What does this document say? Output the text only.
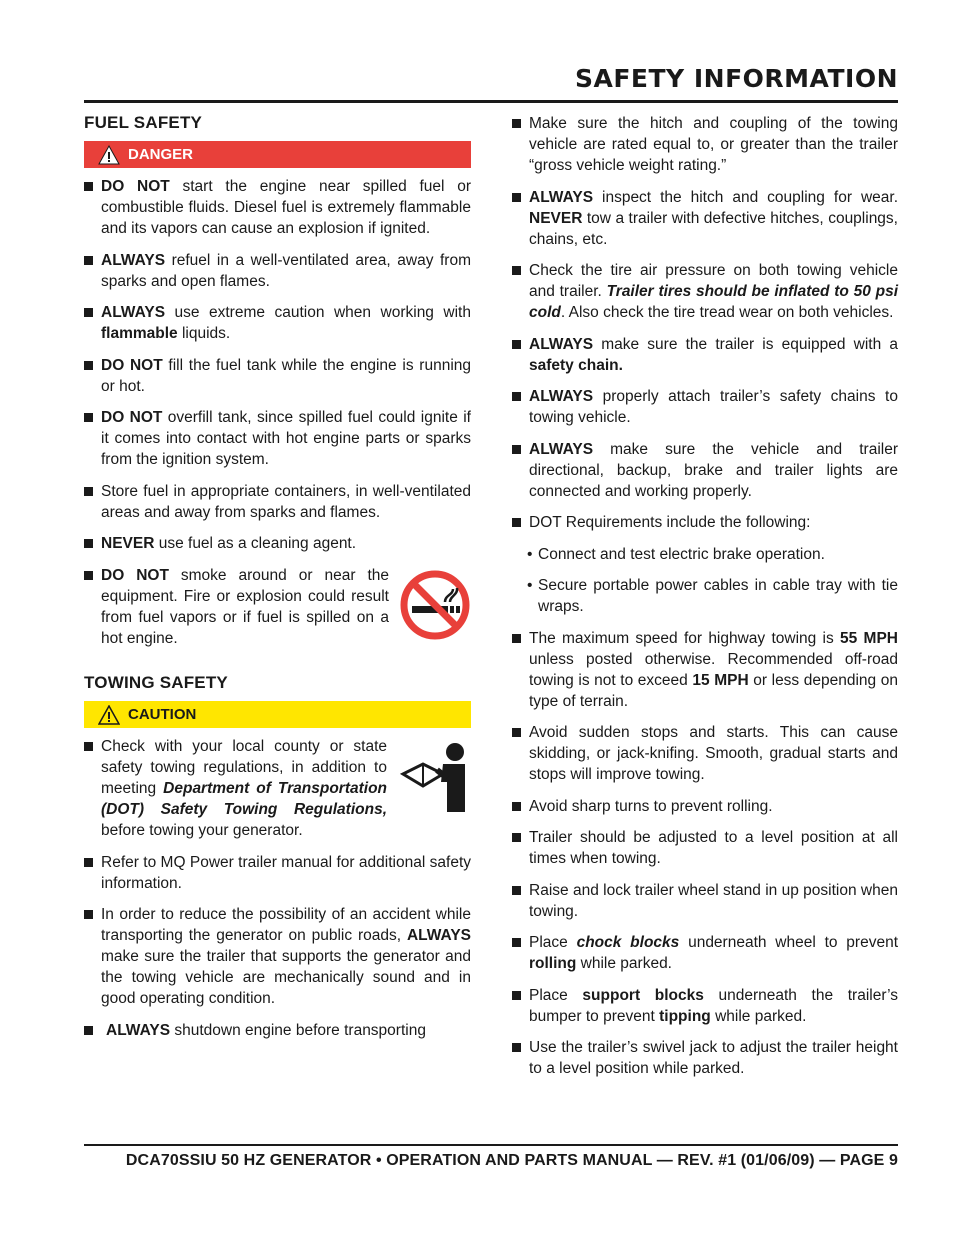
SAFETY INFORMATION
FUEL SAFETY
DANGER
DO NOT start the engine near spilled fuel or combustible fluids. Diesel fuel is extremely flammable and its vapors can cause an explosion if ignited.
ALWAYS refuel in a well-ventilated area, away from sparks and open flames.
ALWAYS use extreme caution when working with flammable liquids.
DO NOT fill the fuel tank while the engine is running or hot.
DO NOT overfill tank, since spilled fuel could ignite if it comes into contact with hot engine parts or sparks from the ignition system.
Store fuel in appropriate containers, in well-ventilated areas and away from sparks and flames.
NEVER use fuel as a cleaning agent.
DO NOT smoke around or near the equipment. Fire or explosion could result from fuel vapors or if fuel is spilled on a hot engine.
TOWING SAFETY
CAUTION
Check with your local county or state safety towing regulations, in addition to meeting Department of Transportation (DOT) Safety Towing Regulations, before towing your generator.
Refer to MQ Power trailer manual for additional safety information.
In order to reduce the possibility of an accident while transporting the generator on public roads, ALWAYS make sure the trailer that supports the generator and the towing vehicle are mechanically sound and in good operating condition.
ALWAYS shutdown engine before transporting
Make sure the hitch and coupling of the towing vehicle are rated equal to, or greater than the trailer “gross vehicle weight rating.”
ALWAYS inspect the hitch and coupling for wear. NEVER tow a trailer with defective hitches, couplings, chains, etc.
Check the tire air pressure on both towing vehicle and trailer. Trailer tires should be inflated to 50 psi cold. Also check the tire tread wear on both vehicles.
ALWAYS make sure the trailer is equipped with a safety chain.
ALWAYS properly attach trailer’s safety chains to towing vehicle.
ALWAYS make sure the vehicle and trailer directional, backup, brake and trailer lights are connected and working properly.
DOT Requirements include the following:
• Connect and test electric brake operation.
• Secure portable power cables in cable tray with tie wraps.
The maximum speed for highway towing is 55 MPH unless posted otherwise. Recommended off-road towing is not to exceed 15 MPH or less depending on type of terrain.
Avoid sudden stops and starts. This can cause skidding, or jack-knifing. Smooth, gradual starts and stops will improve towing.
Avoid sharp turns to prevent rolling.
Trailer should be adjusted to a level position at all times when towing.
Raise and lock trailer wheel stand in up position when towing.
Place chock blocks underneath wheel to prevent rolling while parked.
Place support blocks underneath the trailer’s bumper to prevent tipping while parked.
Use the trailer’s swivel jack to adjust the trailer height to a level position while parked.
DCA70SSIU 50 HZ GENERATOR • OPERATION AND PARTS MANUAL — REV. #1 (01/06/09) — PAGE 9
